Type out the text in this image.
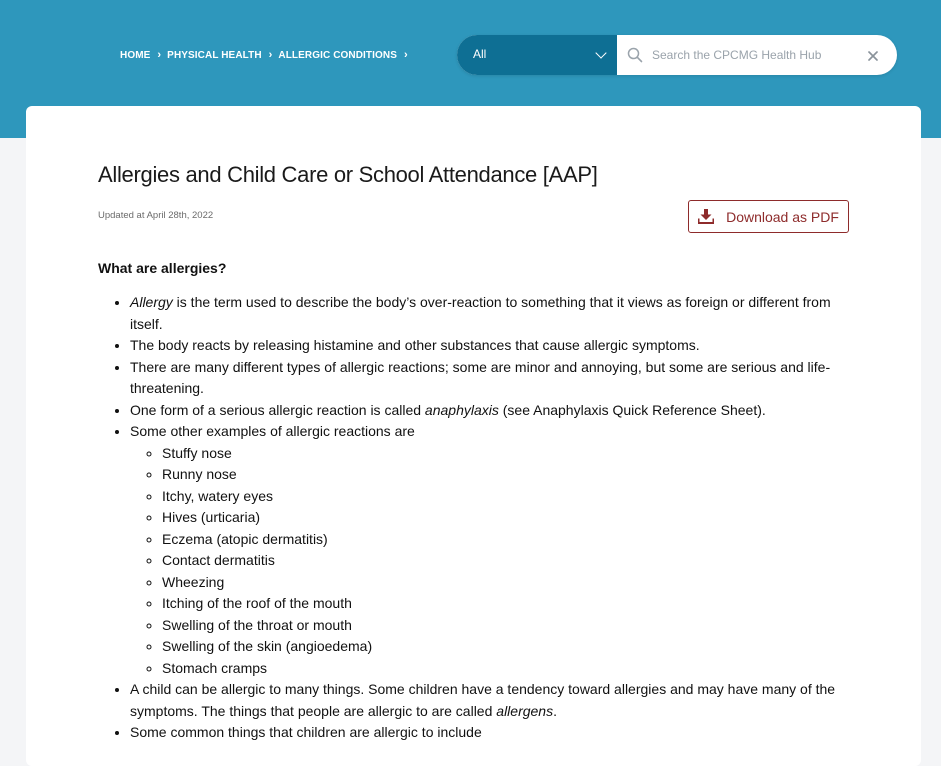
HOME › PHYSICAL HEALTH › ALLERGIC CONDITIONS ›	All
Search the CPCMG Health Hub
Allergies and Child Care or School Attendance [AAP]
Updated at April 28th, 2022	Download as PDF
What are allergies?
• Allergy is the term used to describe the body’s over-reaction to something that it views as foreign or different from itself.
• The body reacts by releasing histamine and other substances that cause allergic symptoms.
• There are many different types of allergic reactions; some are minor and annoying, but some are serious and life-threatening.
• One form of a serious allergic reaction is called anaphylaxis (see Anaphylaxis Quick Reference Sheet).
• Some other examples of allergic reactions are
◦ Stuffy nose
◦ Runny nose
◦ Itchy, watery eyes
◦ Hives (urticaria)
◦ Eczema (atopic dermatitis)
◦ Contact dermatitis
◦ Wheezing
◦ Itching of the roof of the mouth
◦ Swelling of the throat or mouth
◦ Swelling of the skin (angioedema)
◦ Stomach cramps
• A child can be allergic to many things. Some children have a tendency toward allergies and may have many of the symptoms. The things that people are allergic to are called allergens.
• Some common things that children are allergic to include
